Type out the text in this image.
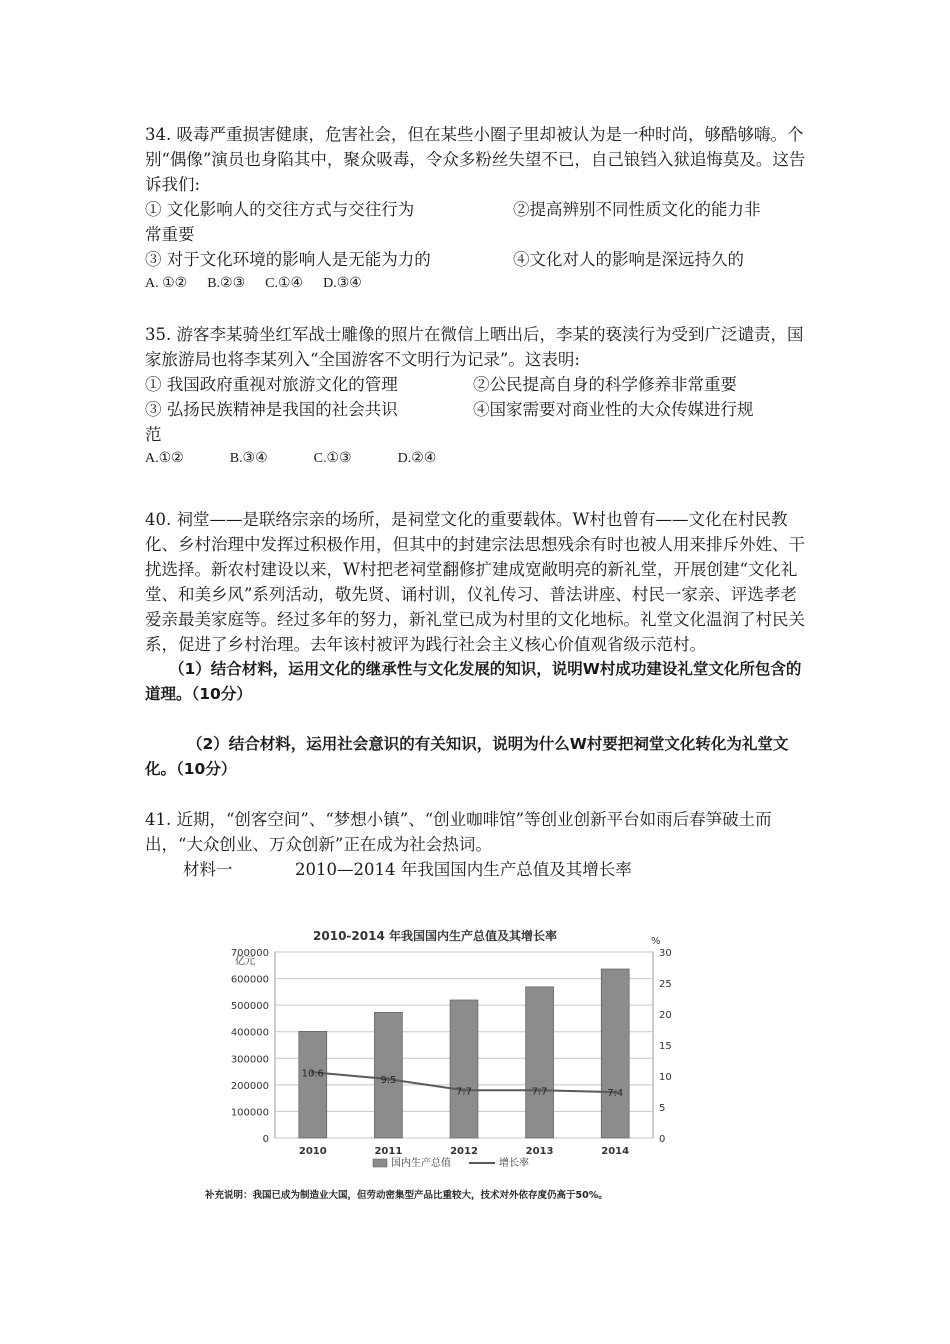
34. 吸毒严重损害健康，危害社会，但在某些小圈子里却被认为是一种时尚，够酷够嗨。个别“偶像”演员也身陷其中，聚众吸毒，令众多粉丝失望不已，自己锒铛入狱追悔莫及。这告诉我们:

① 文化影响人的交往方式与交往行为	②提高辨别不同性质文化的能力非
常重要
③ 对于文化环境的影响人是无能为力的	④文化对人的影响是深远持久的
A. ①② B.②③ C.①④ D.③④

35. 游客李某骑坐红军战士雕像的照片在微信上晒出后，李某的亵渎行为受到广泛谴责，国家旅游局也将李某列入“全国游客不文明行为记录”。这表明:

① 我国政府重视对旅游文化的管理	②公民提高自身的科学修养非常重要
③ 弘扬民族精神是我国的社会共识	④国家需要对商业性的大众传媒进行规
范
A.①②	B.③④	C.①③	D.②④

40. 祠堂——是联络宗亲的场所，是祠堂文化的重要载体。W村也曾有——文化在村民教化、乡村治理中发挥过积极作用，但其中的封建宗法思想残余有时也被人用来排斥外姓、干扰选择。新农村建设以来，W村把老祠堂翻修扩建成宽敞明亮的新礼堂，开展创建“文化礼堂、和美乡风”系列活动，敬先贤、诵村训，仪礼传习、普法讲座、村民一家亲、评选孝老爱亲最美家庭等。经过多年的努力，新礼堂已成为村里的文化地标。礼堂文化温润了村民关系，促进了乡村治理。去年该村被评为践行社会主义核心价值观省级示范村。

（1）结合材料，运用文化的继承性与文化发展的知识，说明W村成功建设礼堂文化所包含的道理。（10分）

（2）结合材料，运用社会意识的有关知识，说明为什么W村要把祠堂文化转化为礼堂文化。（10分）

41. 近期，“创客空间”、“梦想小镇”、“创业咖啡馆”等创业创新平台如雨后春笋破土而出，“大众创业、万众创新”正在成为社会热词。

材料一	2010—2014 年我国国内生产总值及其增长率
2010-2014 年我国国内生产总值及其增长率
亿元
%
10.6
9.5
7.7	7.7	7.4
0
100000
200000
300000
400000
500000
600000
700000
0
5
10
15
20
25
30
2010	2011	2012	2013	2014
国内生产总值	增长率
补充说明：我国已成为制造业大国，但劳动密集型产品比重较大，技术对外依存度仍高于50%。
